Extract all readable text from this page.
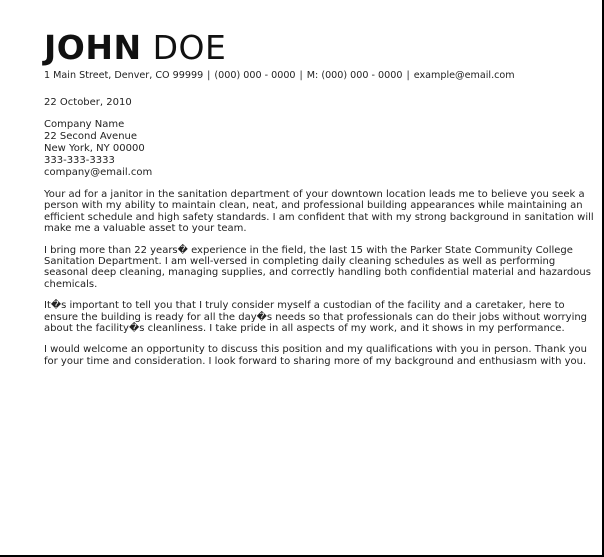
JOHN DOE
1 Main Street, Denver, CO 99999 | (000) 000 - 0000 | M: (000) 000 - 0000 | example@email.com
22 October, 2010
Company Name
22 Second Avenue
New York, NY 00000
333-333-3333
company@email.com

Your ad for a janitor in the sanitation department of your downtown location leads me to believe you seek a person with my ability to maintain clean, neat, and professional building appearances while maintaining an efficient schedule and high safety standards. I am confident that with my strong background in sanitation will make me a valuable asset to your team.

I bring more than 22 years� experience in the field, the last 15 with the Parker State Community College Sanitation Department. I am well-versed in completing daily cleaning schedules as well as performing seasonal deep cleaning, managing supplies, and correctly handling both confidential material and hazardous chemicals.

It�s important to tell you that I truly consider myself a custodian of the facility and a caretaker, here to ensure the building is ready for all the day�s needs so that professionals can do their jobs without worrying about the facility�s cleanliness. I take pride in all aspects of my work, and it shows in my performance.

I would welcome an opportunity to discuss this position and my qualifications with you in person. Thank you for your time and consideration. I look forward to sharing more of my background and enthusiasm with you.
